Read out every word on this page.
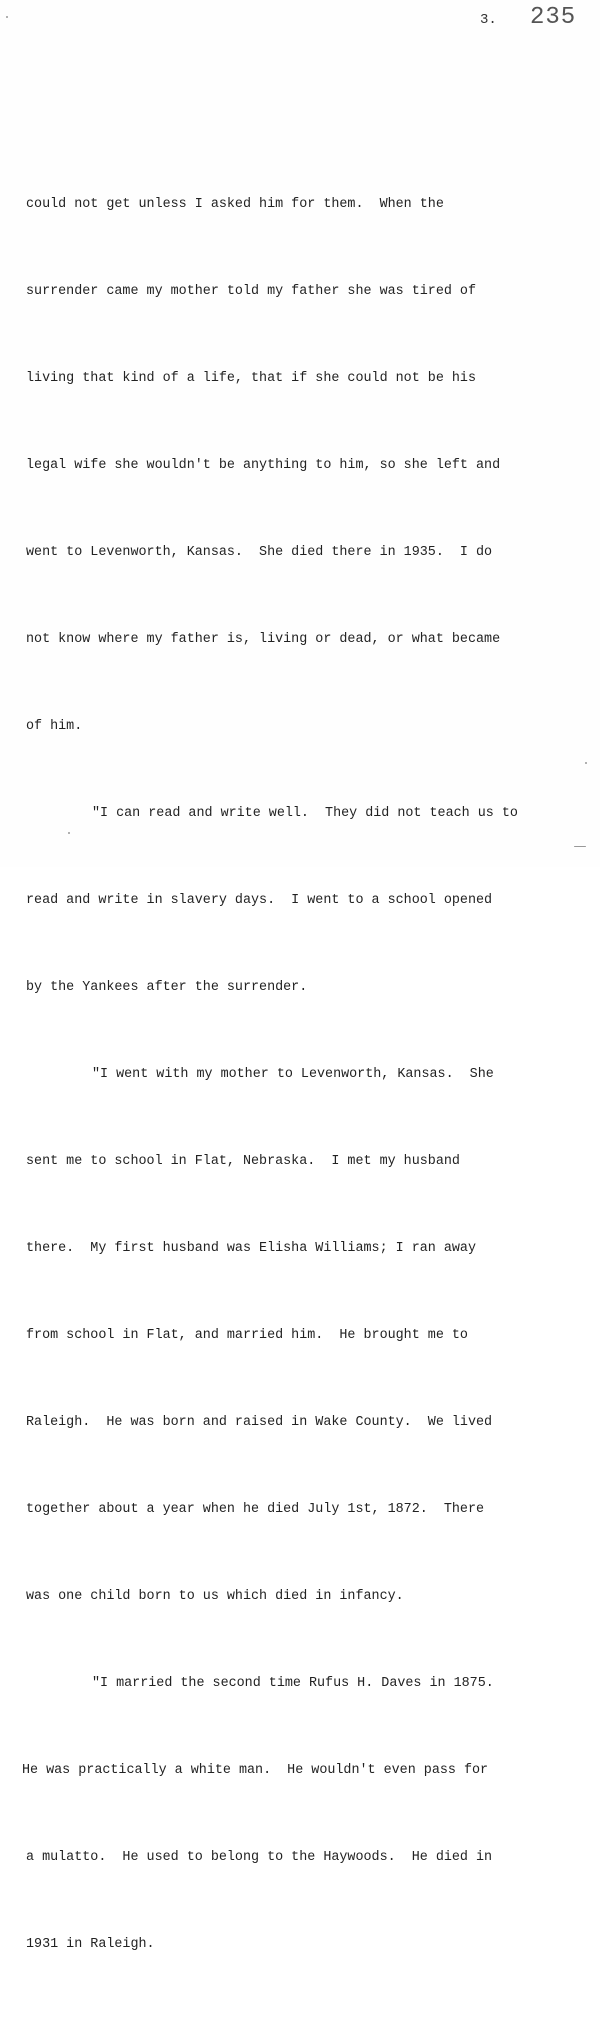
3. 235

could not get unless I asked him for them.  When the

surrender came my mother told my father she was tired of

living that kind of a life, that if she could not be his

legal wife she wouldn't be anything to him, so she left and

went to Levenworth, Kansas.  She died there in 1935.  I do

not know where my father is, living or dead, or what became

of him.

"I can read and write well.  They did not teach us to

read and write in slavery days.  I went to a school opened

by the Yankees after the surrender.

"I went with my mother to Levenworth, Kansas.  She

sent me to school in Flat, Nebraska.  I met my husband

there.  My first husband was Elisha Williams; I ran away

from school in Flat, and married him.  He brought me to

Raleigh.  He was born and raised in Wake County.  We lived

together about a year when he died July 1st, 1872.  There

was one child born to us which died in infancy.

"I married the second time Rufus H. Daves in 1875.

He was practically a white man.  He wouldn't even pass for

a mulatto.  He used to belong to the Haywoods.  He died in

1931 in Raleigh.
